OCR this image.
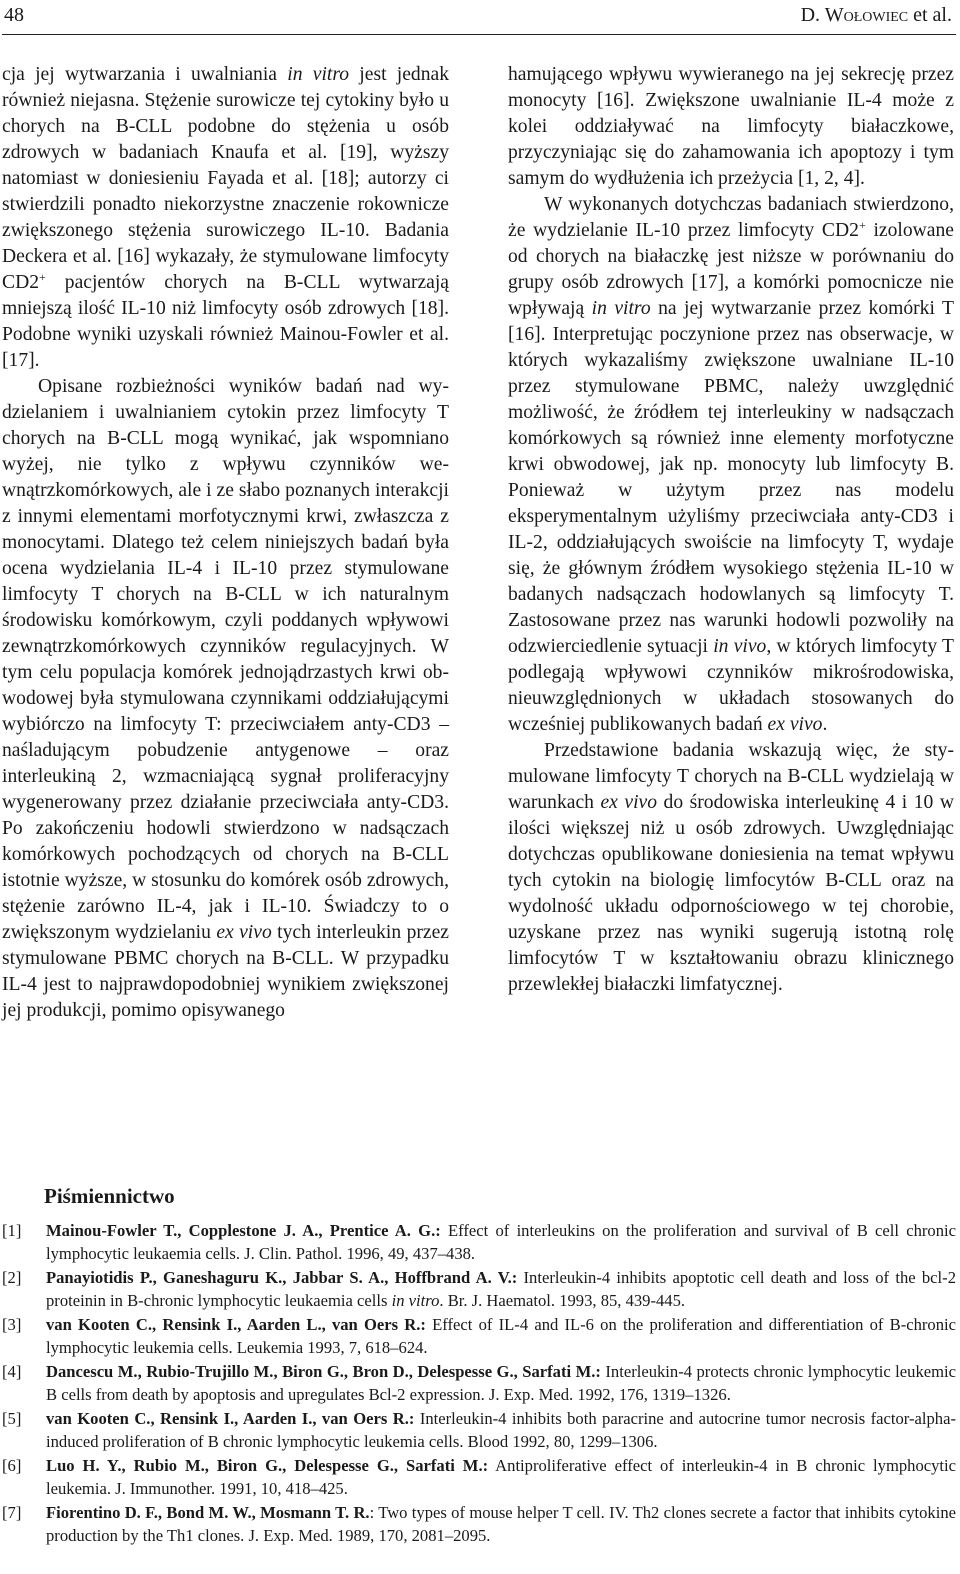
48	D. Wołowiec et al.

cja jej wytwarzania i uwalniania in vitro jest jednak również niejasna. Stężenie surowicze tej cytokiny było u chorych na B-CLL podobne do stężenia u osób zdrowych w badaniach Knaufa et al. [19], wyższy natomiast w doniesieniu Fayada et al. [18]; autorzy ci stwierdzili ponadto niekorzystne znaczenie rokownicze zwiększonego stężenia surowiczego IL-10. Badania Deckera et al. [16] wykazały, że stymulowane limfocyty CD2+ pacjentów chorych na B-CLL wytwarzają mniejszą ilość IL-10 niż limfocyty osób zdrowych [18]. Podobne wyniki uzyskali również Mainou-Fowler et al. [17].

Opisane rozbieżności wyników badań nad wydzielaniem i uwalnianiem cytokin przez limfocyty T chorych na B-CLL mogą wynikać, jak wspomniano wyżej, nie tylko z wpływu czynników wewnątrzkomórkowych, ale i ze słabo poznanych interakcji z innymi elementami morfotycznymi krwi, zwłaszcza z monocytami. Dlatego też celem niniejszych badań była ocena wydzielania IL-4 i IL-10 przez stymulowane limfocyty T chorych na B-CLL w ich naturalnym środowisku komórkowym, czyli poddanych wpływowi zewnątrzkomórkowych czynników regulacyjnych. W tym celu populacja komórek jednojądrzastych krwi obwodowej była stymulowana czynnikami oddziałującymi wybiórczo na limfocyty T: przeciwciałem anty-CD3 – naśladującym pobudzenie antygenowe – oraz interleukiną 2, wzmacniającą sygnał proliferacyjny wygenerowany przez działanie przeciwciała anty-CD3. Po zakończeniu hodowli stwierdzono w nadsączach komórkowych pochodzących od chorych na B-CLL istotnie wyższe, w stosunku do komórek osób zdrowych, stężenie zarówno IL-4, jak i IL-10. Świadczy to o zwiększonym wydzielaniu ex vivo tych interleukin przez stymulowane PBMC chorych na B-CLL. W przypadku IL-4 jest to najprawdopodobniej wynikiem zwiększonej jej produkcji, pomimo opisywanego

hamującego wpływu wywieranego na jej sekrecję przez monocyty [16]. Zwiększone uwalnianie IL-4 może z kolei oddziaływać na limfocyty białaczkowe, przyczyniając się do zahamowania ich apoptozy i tym samym do wydłużenia ich przeżycia [1, 2, 4].

W wykonanych dotychczas badaniach stwierdzono, że wydzielanie IL-10 przez limfocyty CD2+ izolowane od chorych na białaczkę jest niższe w porównaniu do grupy osób zdrowych [17], a komórki pomocnicze nie wpływają in vitro na jej wytwarzanie przez komórki T [16]. Interpretując poczynione przez nas obserwacje, w których wykazaliśmy zwiększone uwalniane IL-10 przez stymulowane PBMC, należy uwzględnić możliwość, że źródłem tej interleukiny w nadsączach komórkowych są również inne elementy morfotyczne krwi obwodowej, jak np. monocyty lub limfocyty B. Ponieważ w użytym przez nas modelu eksperymentalnym użyliśmy przeciwciała anty-CD3 i IL-2, oddziałujących swoiście na limfocyty T, wydaje się, że głównym źródłem wysokiego stężenia IL-10 w badanych nadsączach hodowlanych są limfocyty T. Zastosowane przez nas warunki hodowli pozwoliły na odzwierciedlenie sytuacji in vivo, w których limfocyty T podlegają wpływowi czynników mikrośrodowiska, nieuwzględnionych w układach stosowanych do wcześniej publikowanych badań ex vivo.

Przedstawione badania wskazują więc, że stymulowane limfocyty T chorych na B-CLL wydzielają w warunkach ex vivo do środowiska interleukinę 4 i 10 w ilości większej niż u osób zdrowych. Uwzględniając dotychczas opublikowane doniesienia na temat wpływu tych cytokin na biologię limfocytów B-CLL oraz na wydolność układu odpornościowego w tej chorobie, uzyskane przez nas wyniki sugerują istotną rolę limfocytów T w kształtowaniu obrazu klinicznego przewlekłej białaczki limfatycznej.

Piśmiennictwo
[1]	Mainou-Fowler T., Copplestone J. A., Prentice A. G.: Effect of interleukins on the proliferation and survival of B cell chronic lymphocytic leukaemia cells. J. Clin. Pathol. 1996, 49, 437–438.
[2]	Panayiotidis P., Ganeshaguru K., Jabbar S. A., Hoffbrand A. V.: Interleukin-4 inhibits apoptotic cell death and loss of the bcl-2 proteinin in B-chronic lymphocytic leukaemia cells in vitro. Br. J. Haematol. 1993, 85, 439-445.
[3]	van Kooten C., Rensink I., Aarden L., van Oers R.: Effect of IL-4 and IL-6 on the proliferation and differentiation of B-chronic lymphocytic leukemia cells. Leukemia 1993, 7, 618–624.
[4]	Dancescu M., Rubio-Trujillo M., Biron G., Bron D., Delespesse G., Sarfati M.: Interleukin-4 protects chronic lymphocytic leukemic B cells from death by apoptosis and upregulates Bcl-2 expression. J. Exp. Med. 1992, 176, 1319–1326.
[5]	van Kooten C., Rensink I., Aarden I., van Oers R.: Interleukin-4 inhibits both paracrine and autocrine tumor necrosis factor-alpha-induced proliferation of B chronic lymphocytic leukemia cells. Blood 1992, 80, 1299–1306.
[6]	Luo H. Y., Rubio M., Biron G., Delespesse G., Sarfati M.: Antiproliferative effect of interleukin-4 in B chronic lymphocytic leukemia. J. Immunother. 1991, 10, 418–425.
[7]	Fiorentino D. F., Bond M. W., Mosmann T. R.: Two types of mouse helper T cell. IV. Th2 clones secrete a factor that inhibits cytokine production by the Th1 clones. J. Exp. Med. 1989, 170, 2081–2095.
